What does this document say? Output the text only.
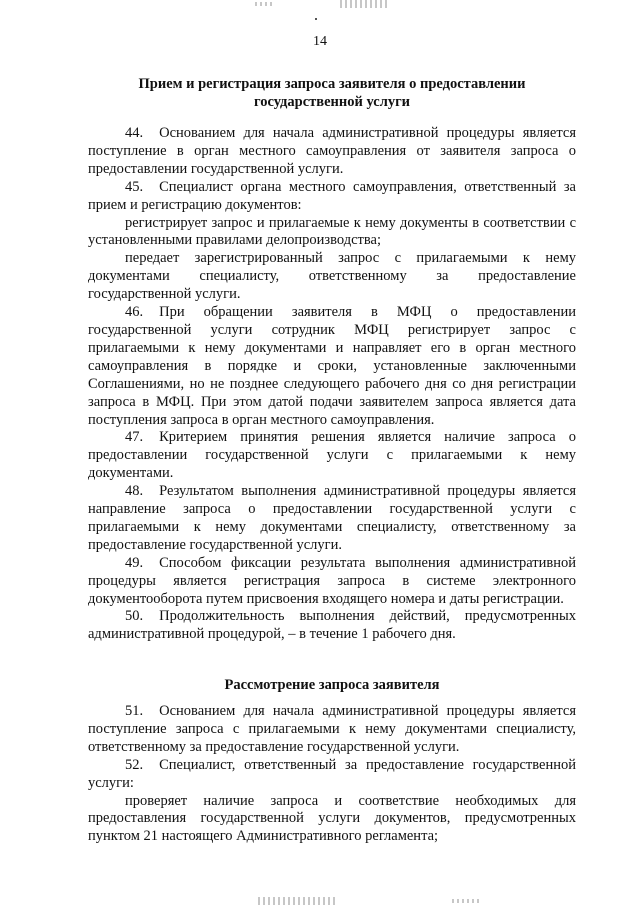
14
Прием и регистрация запроса заявителя о предоставлении
государственной услуги

44. Основанием для начала административной процедуры является поступление в орган местного самоуправления от заявителя запроса о предоставлении государственной услуги.

45. Специалист органа местного самоуправления, ответственный за прием и регистрацию документов:

регистрирует запрос и прилагаемые к нему документы в соответствии с установленными правилами делопроизводства;

передает зарегистрированный запрос с прилагаемыми к нему документами специалисту, ответственному за предоставление государственной услуги.

46. При обращении заявителя в МФЦ о предоставлении государственной услуги сотрудник МФЦ регистрирует запрос с прилагаемыми к нему документами и направляет его в орган местного самоуправления в порядке и сроки, установленные заключенными Соглашениями, но не позднее следующего рабочего дня со дня регистрации запроса в МФЦ. При этом датой подачи заявителем запроса является дата поступления запроса в орган местного самоуправления.

47. Критерием принятия решения является наличие запроса о предоставлении государственной услуги с прилагаемыми к нему документами.

48. Результатом выполнения административной процедуры является направление запроса о предоставлении государственной услуги с прилагаемыми к нему документами специалисту, ответственному за предоставление государственной услуги.

49. Способом фиксации результата выполнения административной процедуры является регистрация запроса в системе электронного документооборота путем присвоения входящего номера и даты регистрации.

50. Продолжительность выполнения действий, предусмотренных административной процедурой, – в течение 1 рабочего дня.

Рассмотрение запроса заявителя

51. Основанием для начала административной процедуры является поступление запроса с прилагаемыми к нему документами специалисту, ответственному за предоставление государственной услуги.

52. Специалист, ответственный за предоставление государственной услуги:

проверяет наличие запроса и соответствие необходимых для предоставления государственной услуги документов, предусмотренных пунктом 21 настоящего Административного регламента;
